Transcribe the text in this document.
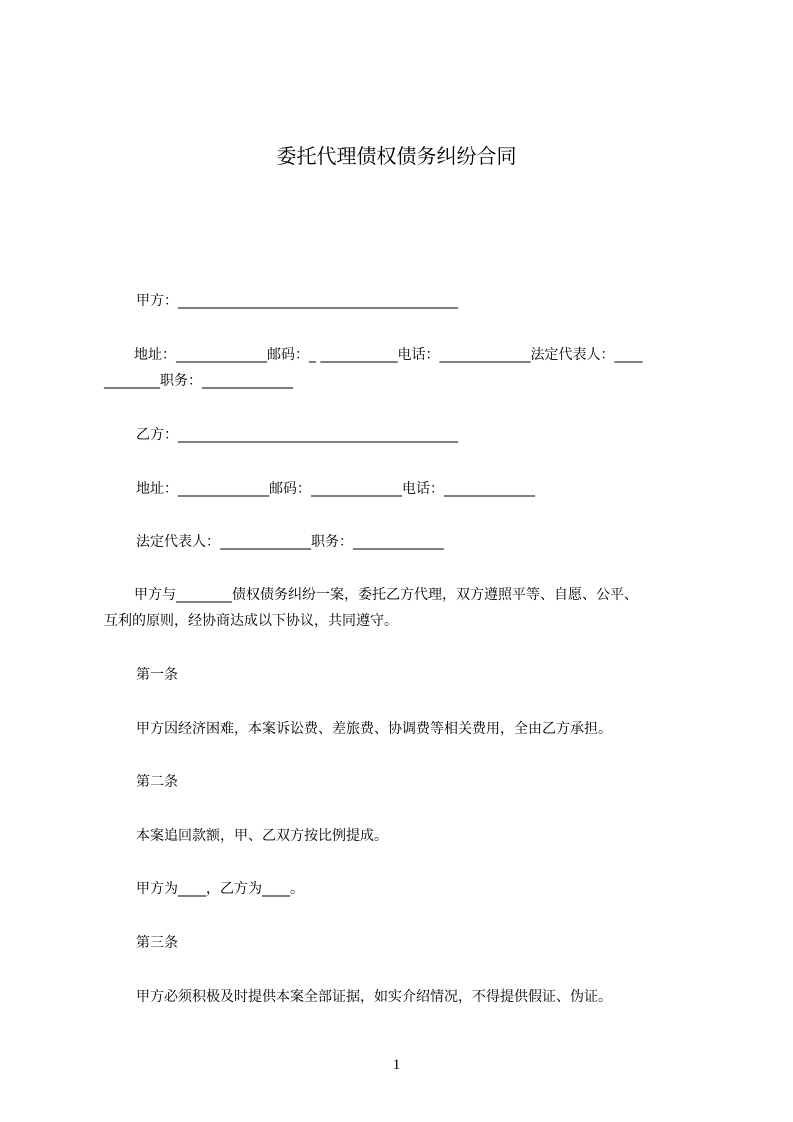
委托代理债权债务纠纷合同
甲方：________________________________________
地址：_____________邮码：_ ___________电话：_____________法定代表人：____
________职务：_____________
乙方：________________________________________
地址：_____________邮码：_____________电话：_____________
法定代表人：_____________职务：_____________
甲方与________债权债务纠纷一案，委托乙方代理，双方遵照平等、自愿、公平、
互利的原则，经协商达成以下协议，共同遵守。
第一条
甲方因经济困难，本案诉讼费、差旅费、协调费等相关费用，全由乙方承担。
第二条
本案追回款额，甲、乙双方按比例提成。
甲方为____，乙方为____。
第三条
甲方必须积极及时提供本案全部证据，如实介绍情况，不得提供假证、伪证。
1
